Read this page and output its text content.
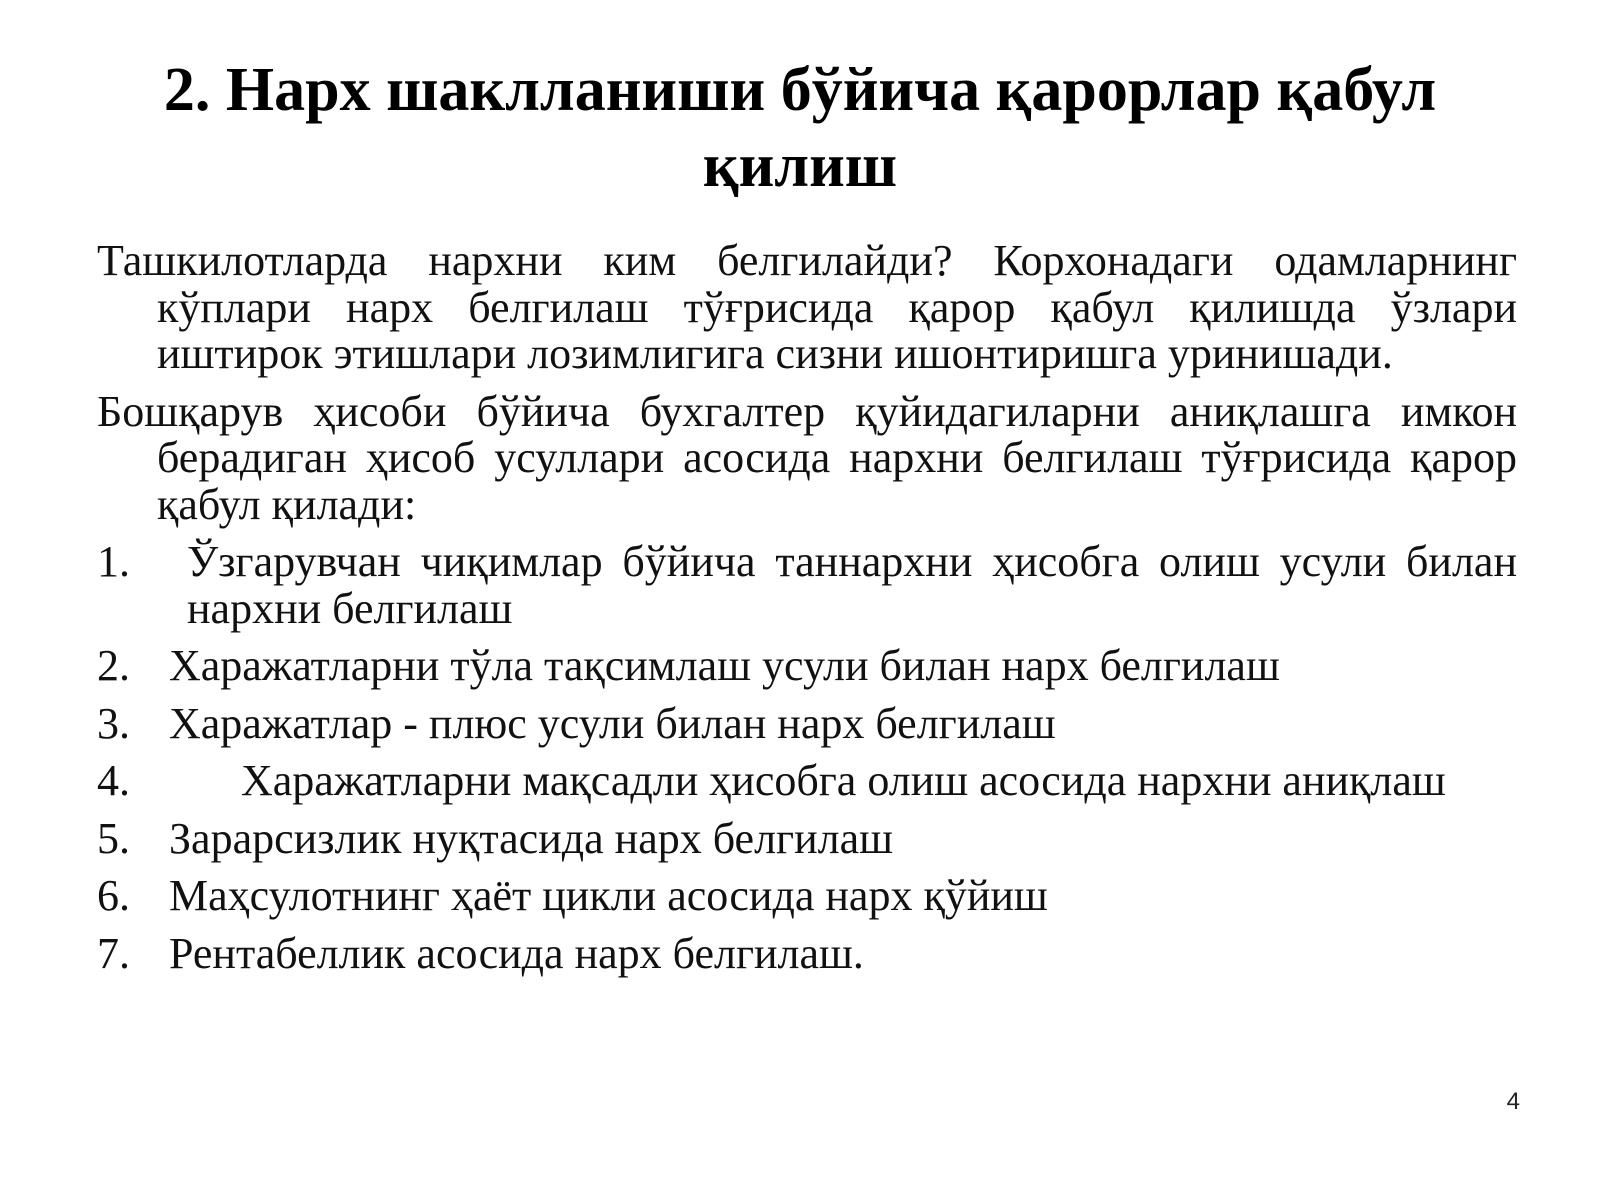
2. Нарх шаклланиши бўйича қарорлар қабул қилиш

Ташкилотларда нархни ким белгилайди? Корхонадаги одамларнинг кўплари нарх белгилаш тўғрисида қарор қабул қилишда ўзлари иштирок этишлари лозимлигига сизни ишонтиришга уринишади.

Бошқарув ҳисоби бўйича бухгалтер қуйидагиларни аниқлашга имкон берадиган ҳисоб усуллари асосида нархни белгилаш тўғрисида қарор қабул қилади:

1.	Ўзгарувчан чиқимлар бўйича таннархни ҳисобга олиш усули билан нархни белгилаш
2. Харажатларни тўла тақсимлаш усули билан нарх белгилаш
3. Харажатлар - плюс усули билан нарх белгилаш
4.	Харажатларни мақсадли ҳисобга олиш асосида нархни аниқлаш
5. Зарарсизлик нуқтасида нарх белгилаш
6. Маҳсулотнинг ҳаёт цикли асосида нарх қўйиш
7. Рентабеллик асосида нарх белгилаш.
4
